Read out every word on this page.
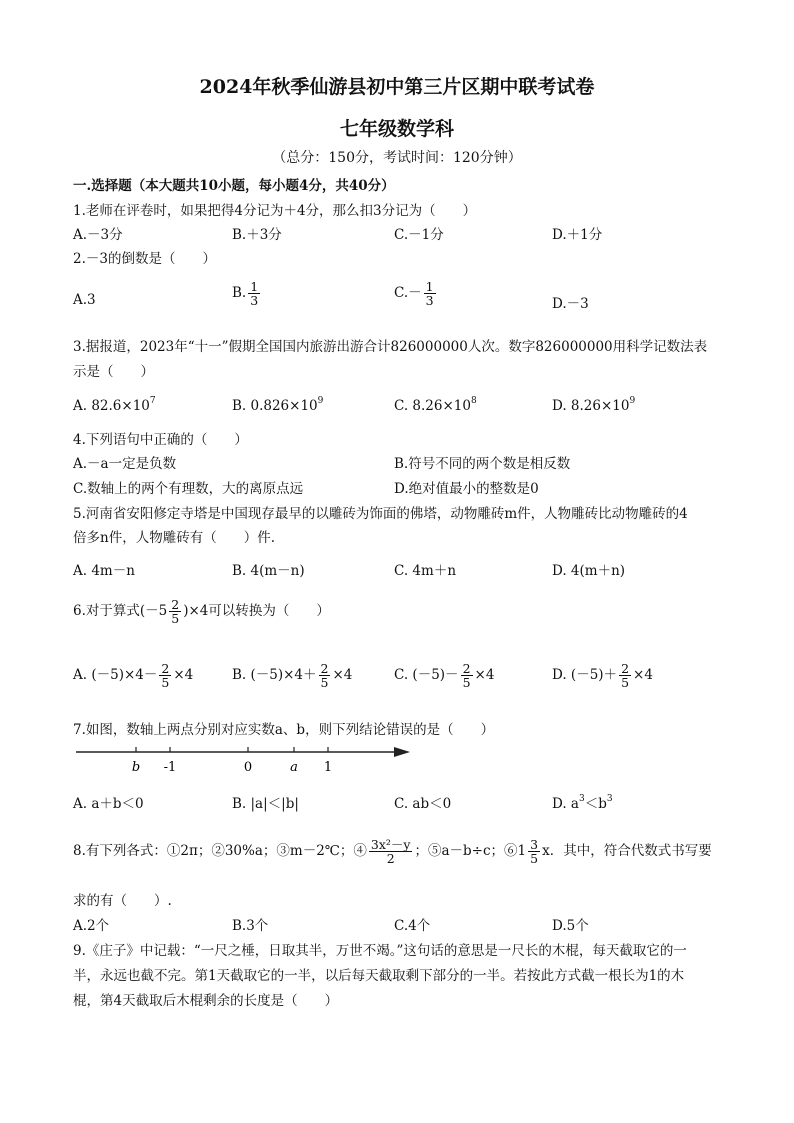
2024年秋季仙游县初中第三片区期中联考试卷
七年级数学科
（总分：150分，考试时间：120分钟）
一.选择题（本大题共10小题，每小题4分，共40分）
1.老师在评卷时，如果把得4分记为＋4分，那么扣3分记为（　　）
A.－3分	B.＋3分	C.－1分	D.＋1分
2.－3的倒数是（　　）
A.3	B. $\frac{1}{3}$	$C.- \frac{1}{3}$	D.－3
3.据报道，2023年“十一”假期全国国内旅游出游合计826000000人次。数字826000000用科学记数法表
示是（　　）
A. $82.6\times 10^7$	B. $0.826\times 10^9$	C. $8.26\times 10^8$	D. $8.26\times 10^9$
4.下列语句中正确的（　　）
A.－a一定是负数	B.符号不同的两个数是相反数
C.数轴上的两个有理数，大的离原点远	D.绝对值最小的整数是0
5.河南省安阳修定寺塔是中国现存最早的以雕砖为饰面的佛塔，动物雕砖m件，人物雕砖比动物雕砖的4
倍多n件，人物雕砖有（　　）件.
A. 4m－n	B. 4(m－n)	C. 4m＋n	D. 4(m＋n)
6.对于算式$(-5 \frac{2}{5} )\times 4$可以转换为（　　）
A. $(-5)\times 4- \frac{2}{5} \times 4$	B. $(-5)\times 4+ \frac{2}{5} \times 4$	C. $(-5)- \frac{2}{5} \times 4$	D. $(-5)+ \frac{2}{5} \times 4$
7.如图，数轴上两点分别对应实数a、b，则下列结论错误的是（　　）
b -1	0	a 1
A. a＋b＜0	B. |a|＜|b|	C. ab＜0	D. $a^3<b^3$
8.有下列各式：①2π；②30%a；③m－2℃；④ $\frac{\text{3x²－y}}{2}$ ；⑤a－b÷c；⑥1 $\frac{3}{5}$ x．其中，符合代数式书写要
求的有（　　）.
A.2个	B.3个	C.4个	D.5个
9.《庄子》中记载：“一尺之棰，日取其半，万世不竭。”这句话的意思是一尺长的木棍，每天截取它的一
半，永远也截不完。第1天截取它的一半，以后每天截取剩下部分的一半。若按此方式截一根长为1的木
棍，第4天截取后木棍剩余的长度是（　　）
